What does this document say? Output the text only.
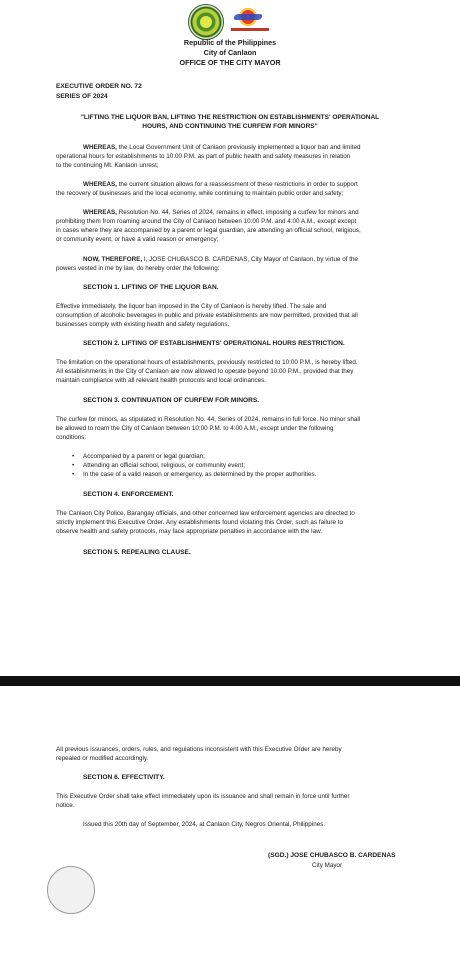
Republic of the Philippines
City of Canlaon
OFFICE OF THE CITY MAYOR
EXECUTIVE ORDER NO. 72
SERIES OF 2024
"LIFTING THE LIQUOR BAN, LIFTING THE RESTRICTION ON ESTABLISHMENTS' OPERATIONAL
HOURS, AND CONTINUING THE CURFEW FOR MINORS"
WHEREAS, the Local Government Unit of Canlaon previously implemented a liquor ban and limited
operational hours for establishments to 10:00 P.M. as part of public health and safety measures in relation
to the continuing Mt. Kanlaon unrest;
WHEREAS, the current situation allows for a reassessment of these restrictions in order to support
the recovery of businesses and the local economy, while continuing to maintain public order and safety;
WHEREAS, Resolution No. 44, Series of 2024, remains in effect, imposing a curfew for minors and
prohibiting them from roaming around the City of Canlaon between 10:00 P.M. and 4:00 A.M., except except
in cases where they are accompanied by a parent or legal guardian, are attending an official school, religious,
or community event, or have a valid reason or emergency;
NOW, THEREFORE, I, JOSE CHUBASCO B. CARDENAS, City Mayor of Canlaon, by virtue of the
powers vested in me by law, do hereby order the following:
SECTION 1. LIFTING OF THE LIQUOR BAN.
Effective immediately, the liquor ban imposed in the City of Canlaon is hereby lifted. The sale and
consumption of alcoholic beverages in public and private establishments are now permitted, provided that all
businesses comply with existing health and safety regulations.
SECTION 2. LIFTING OF ESTABLISHMENTS' OPERATIONAL HOURS RESTRICTION.
The limitation on the operational hours of establishments, previously restricted to 10:00 P.M., is hereby lifted.
All establishments in the City of Canlaon are now allowed to operate beyond 10:00 P.M., provided that they
maintain compliance with all relevant health protocols and local ordinances.
SECTION 3. CONTINUATION OF CURFEW FOR MINORS.
The curfew for minors, as stipulated in Resolution No. 44, Series of 2024, remains in full force. No minor shall
be allowed to roam the City of Canlaon between 10:00 P.M. to 4:00 A.M., except under the following
conditions:
• Accompanied by a parent or legal guardian;
• Attending an official school, religious, or community event;
• In the case of a valid reason or emergency, as determined by the proper authorities.
SECTION 4. ENFORCEMENT.
The Canlaon City Police, Barangay officials, and other concerned law enforcement agencies are directed to
strictly implement this Executive Order. Any establishments found violating this Order, such as failure to
observe health and safety protocols, may face appropriate penalties in accordance with the law.
SECTION 5. REPEALING CLAUSE.
All previous issuances, orders, rules, and regulations inconsistent with this Executive Order are hereby
repealed or modified accordingly.
SECTION 6. EFFECTIVITY.
This Executive Order shall take effect immediately upon its issuance and shall remain in force until further
notice.
Issued this 20th day of September, 2024, at Canlaon City, Negros Oriental, Philippines.
(SGD.) JOSE CHUBASCO B. CARDENAS
City Mayor
